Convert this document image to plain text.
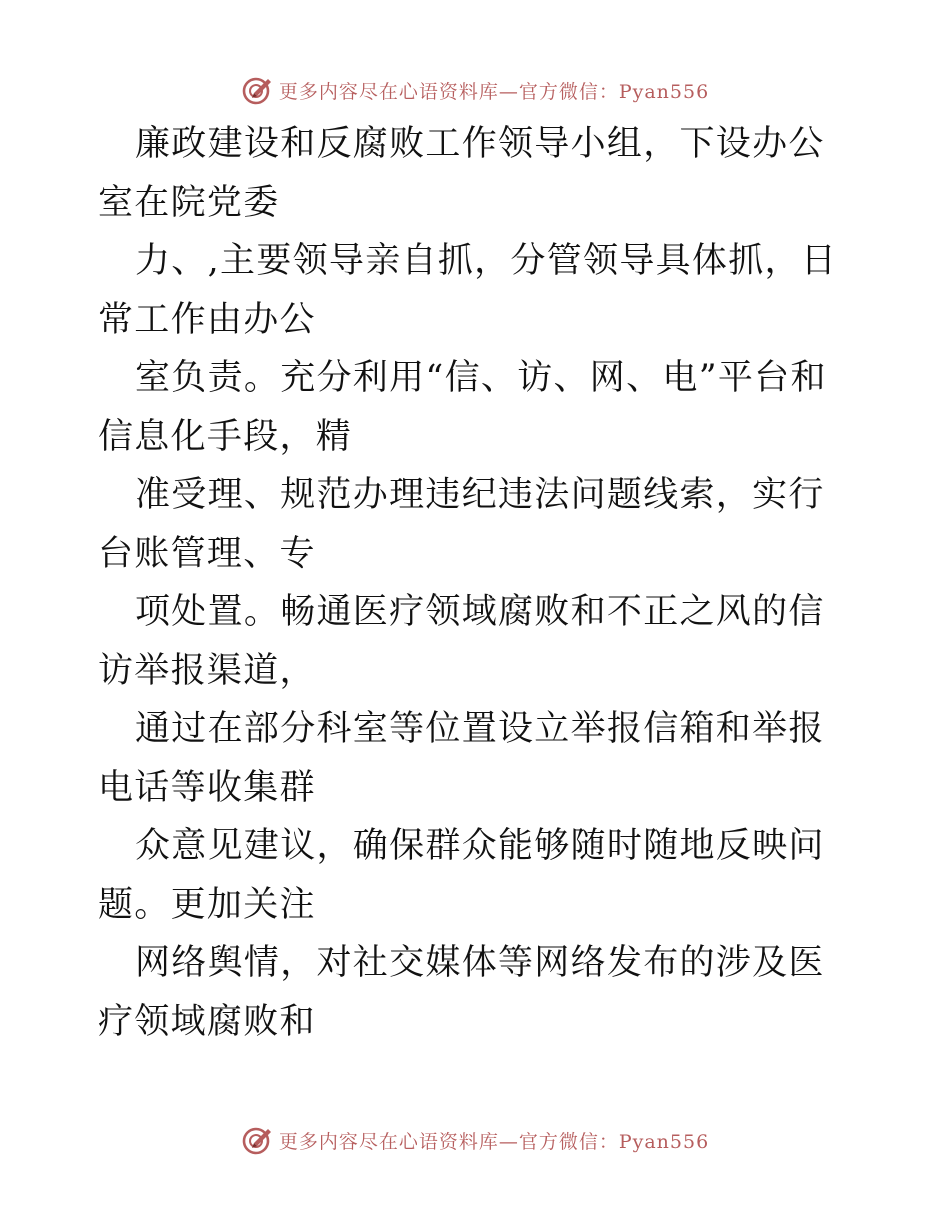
更多内容尽在心语资料库—官方微信：Pyan556

廉政建设和反腐败工作领导小组，下设办公室在院党委

力、,主要领导亲自抓，分管领导具体抓，日常工作由办公

室负责。充分利用“信、访、网、电”平台和信息化手段，精

准受理、规范办理违纪违法问题线索，实行台账管理、专

项处置。畅通医疗领域腐败和不正之风的信访举报渠道，

通过在部分科室等位置设立举报信箱和举报电话等收集群

众意见建议，确保群众能够随时随地反映问题。更加关注

网络舆情，对社交媒体等网络发布的涉及医疗领域腐败和

更多内容尽在心语资料库—官方微信：Pyan556
